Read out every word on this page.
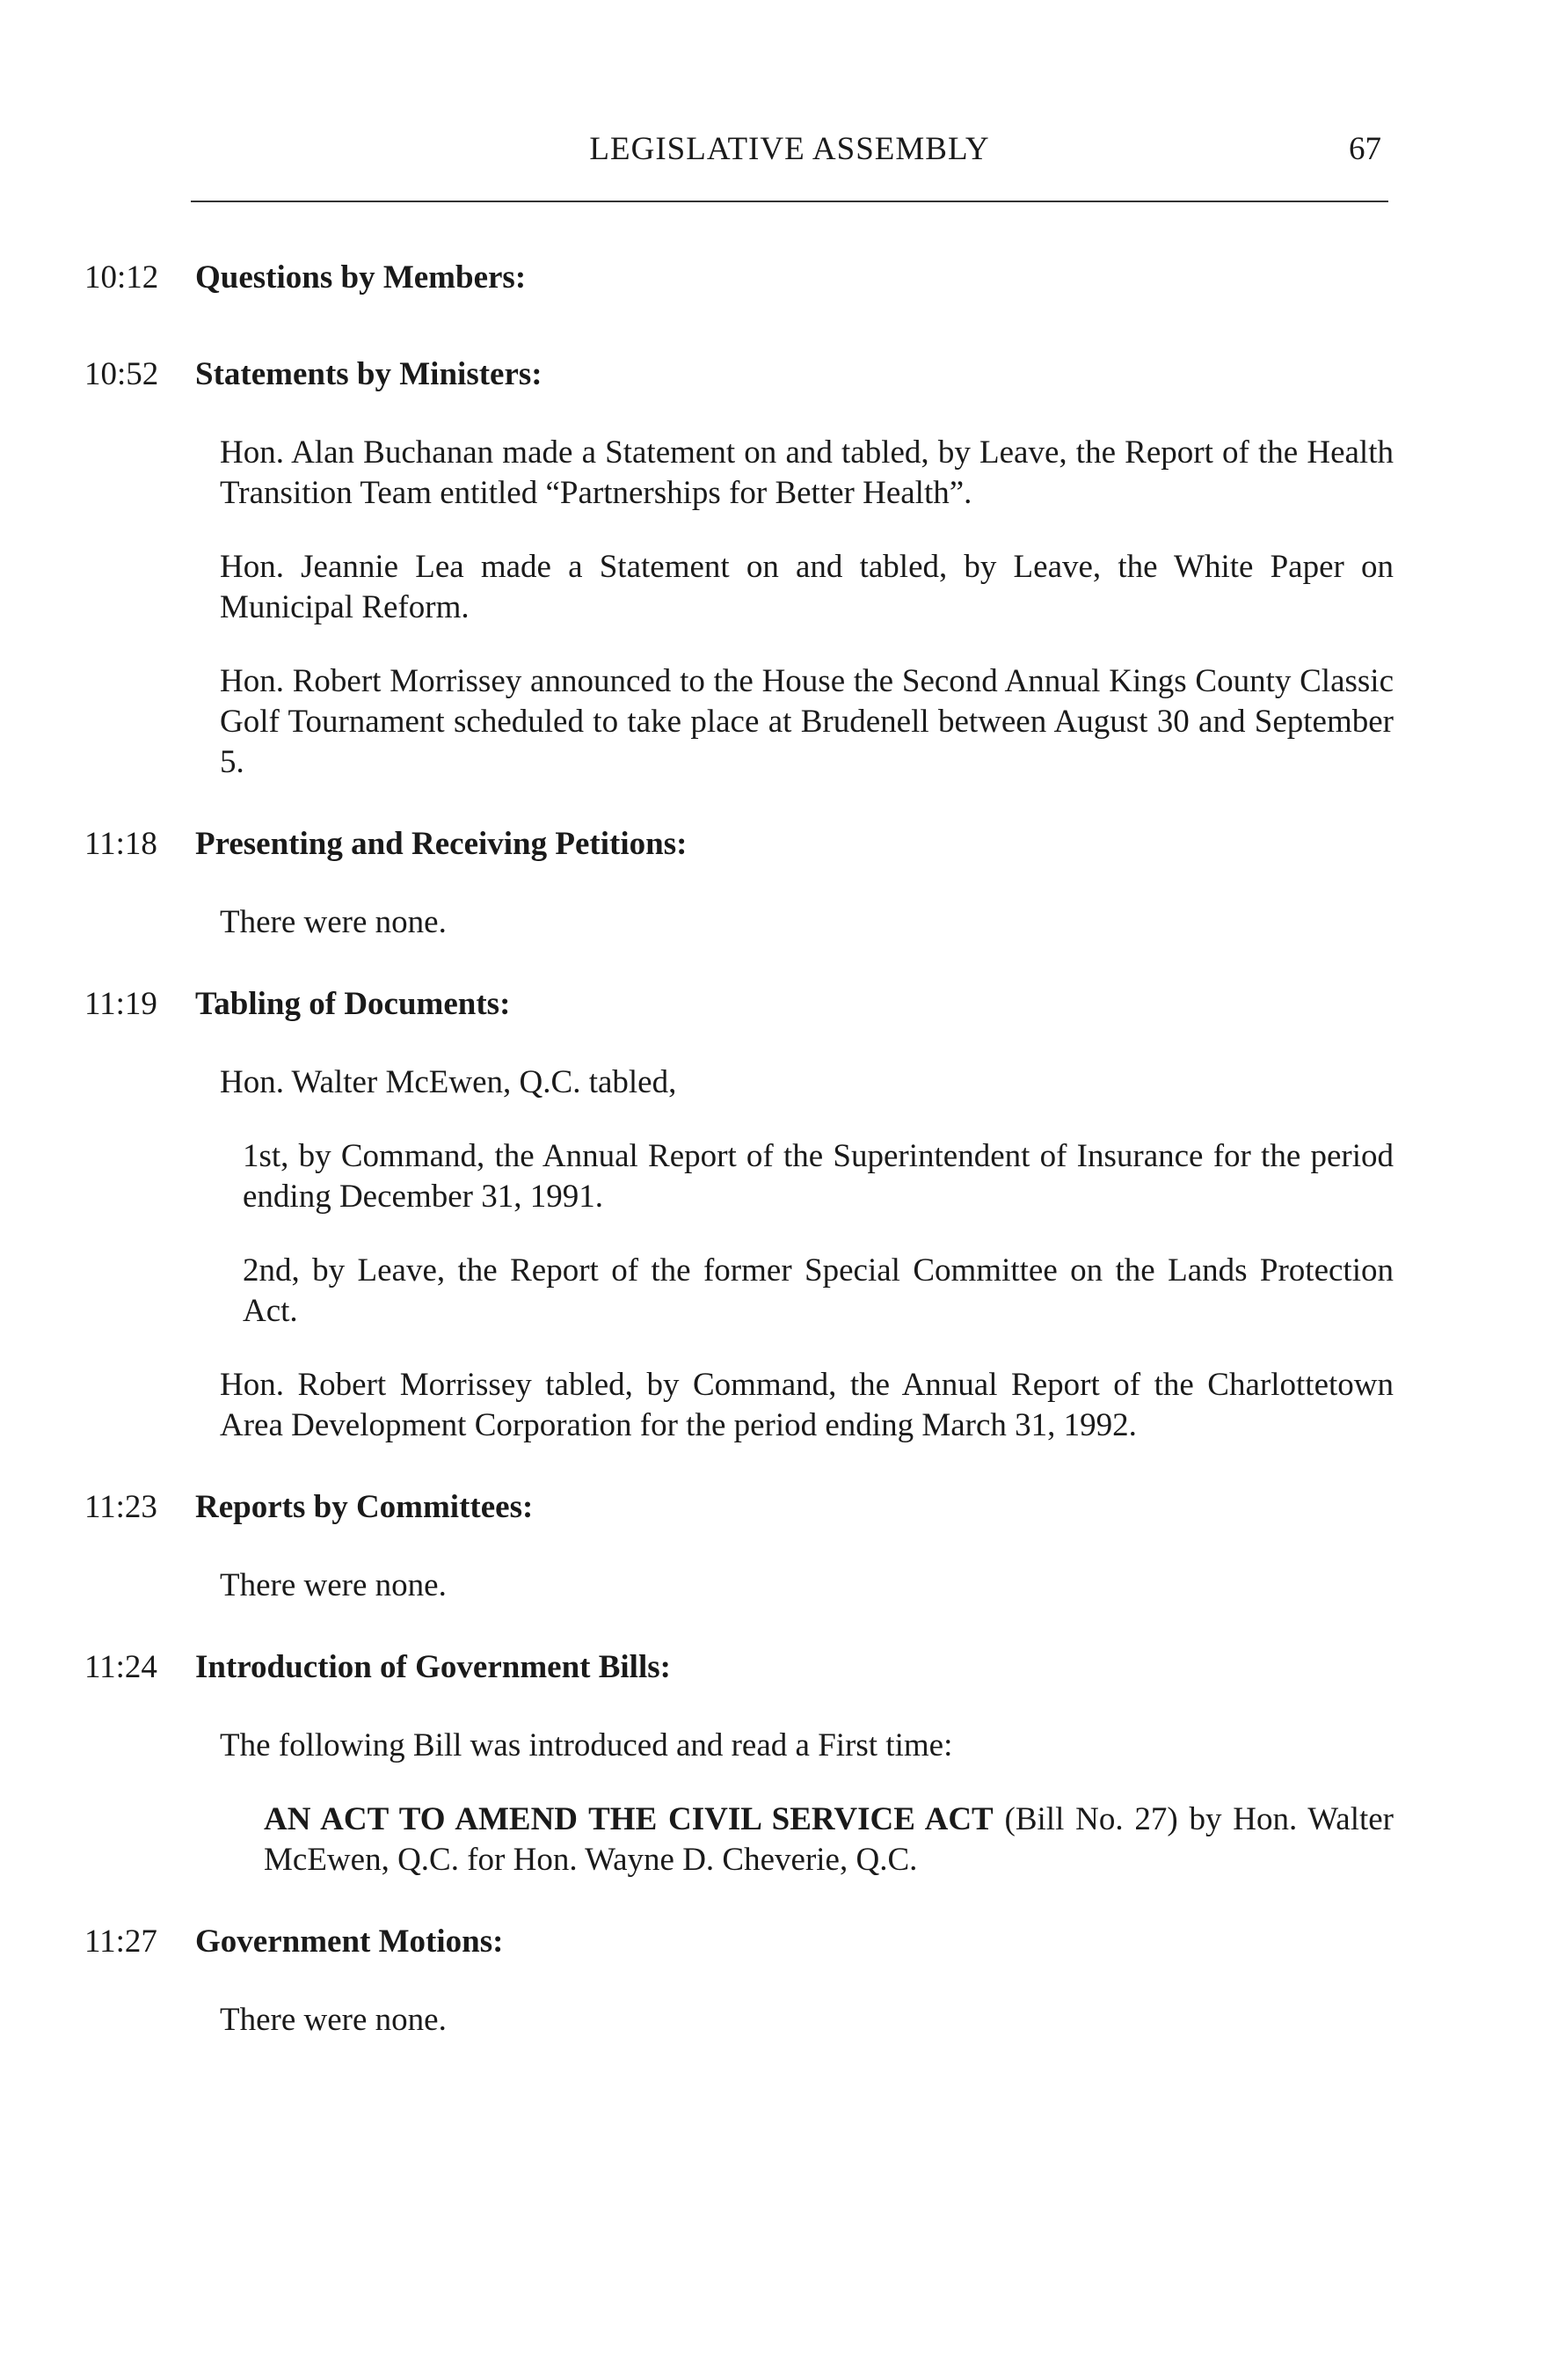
LEGISLATIVE ASSEMBLY	67
10:12 Questions by Members:
10:52 Statements by Ministers:

Hon. Alan Buchanan made a Statement on and tabled, by Leave, the Report of the Health Transition Team entitled “Partnerships for Better Health”.

Hon. Jeannie Lea made a Statement on and tabled, by Leave, the White Paper on Municipal Reform.

Hon. Robert Morrissey announced to the House the Second Annual Kings County Classic Golf Tournament scheduled to take place at Brudenell between August 30 and September 5.

11:18 Presenting and Receiving Petitions:

There were none.

11:19 Tabling of Documents:

Hon. Walter McEwen, Q.C. tabled,

1st, by Command, the Annual Report of the Superintendent of Insurance for the period ending December 31, 1991.

2nd, by Leave, the Report of the former Special Committee on the Lands Protection Act.

Hon. Robert Morrissey tabled, by Command, the Annual Report of the Charlottetown Area Development Corporation for the period ending March 31, 1992.

11:23 Reports by Committees:

There were none.

11:24 Introduction of Government Bills:

The following Bill was introduced and read a First time:

AN ACT TO AMEND THE CIVIL SERVICE ACT (Bill No. 27) by Hon. Walter McEwen, Q.C. for Hon. Wayne D. Cheverie, Q.C.

11:27 Government Motions:

There were none.
